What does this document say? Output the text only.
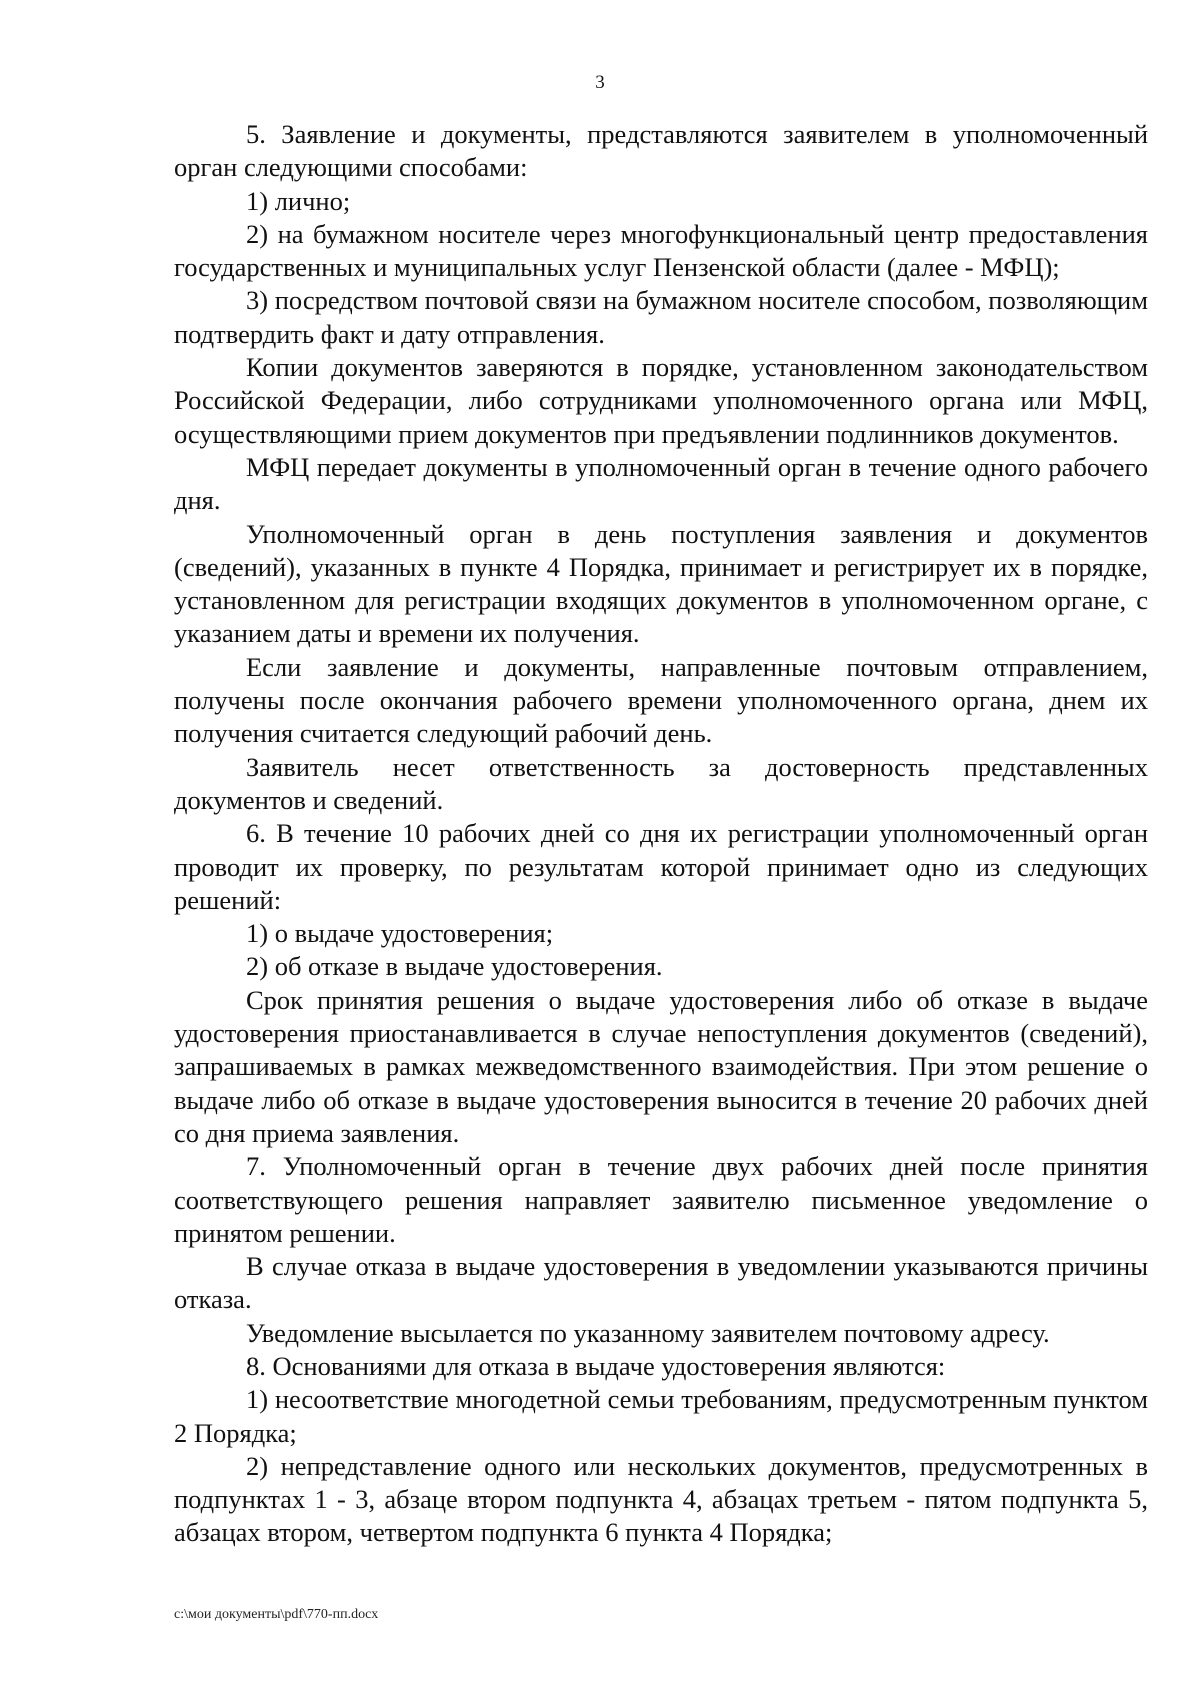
3

5. Заявление и документы, представляются заявителем в уполномоченный орган следующими способами:

1) лично;

2) на бумажном носителе через многофункциональный центр предоставления государственных и муниципальных услуг Пензенской области (далее - МФЦ);

3) посредством почтовой связи на бумажном носителе способом, позволяющим подтвердить факт и дату отправления.

Копии документов заверяются в порядке, установленном законодательством Российской Федерации, либо сотрудниками уполномоченного органа или МФЦ, осуществляющими прием документов при предъявлении подлинников документов.

МФЦ передает документы в уполномоченный орган в течение одного рабочего дня.

Уполномоченный орган в день поступления заявления и документов (сведений), указанных в пункте 4 Порядка, принимает и регистрирует их в порядке, установленном для регистрации входящих документов в уполномоченном органе, с указанием даты и времени их получения.

Если заявление и документы, направленные почтовым отправлением, получены после окончания рабочего времени уполномоченного органа, днем их получения считается следующий рабочий день.

Заявитель несет ответственность за достоверность представленных документов и сведений.

6. В течение 10 рабочих дней со дня их регистрации уполномоченный орган проводит их проверку, по результатам которой принимает одно из следующих решений:

1) о выдаче удостоверения;

2) об отказе в выдаче удостоверения.

Срок принятия решения о выдаче удостоверения либо об отказе в выдаче удостоверения приостанавливается в случае непоступления документов (сведений), запрашиваемых в рамках межведомственного взаимодействия. При этом решение о выдаче либо об отказе в выдаче удостоверения выносится в течение 20 рабочих дней со дня приема заявления.

7. Уполномоченный орган в течение двух рабочих дней после принятия соответствующего решения направляет заявителю письменное уведомление о принятом решении.

В случае отказа в выдаче удостоверения в уведомлении указываются причины отказа.

Уведомление высылается по указанному заявителем почтовому адресу.

8. Основаниями для отказа в выдаче удостоверения являются:

1) несоответствие многодетной семьи требованиям, предусмотренным пунктом 2 Порядка;

2) непредставление одного или нескольких документов, предусмотренных в подпунктах 1 - 3, абзаце втором подпункта 4, абзацах третьем - пятом подпункта 5, абзацах втором, четвертом подпункта 6 пункта 4 Порядка;

c:\мои документы\pdf\770-пп.docx
